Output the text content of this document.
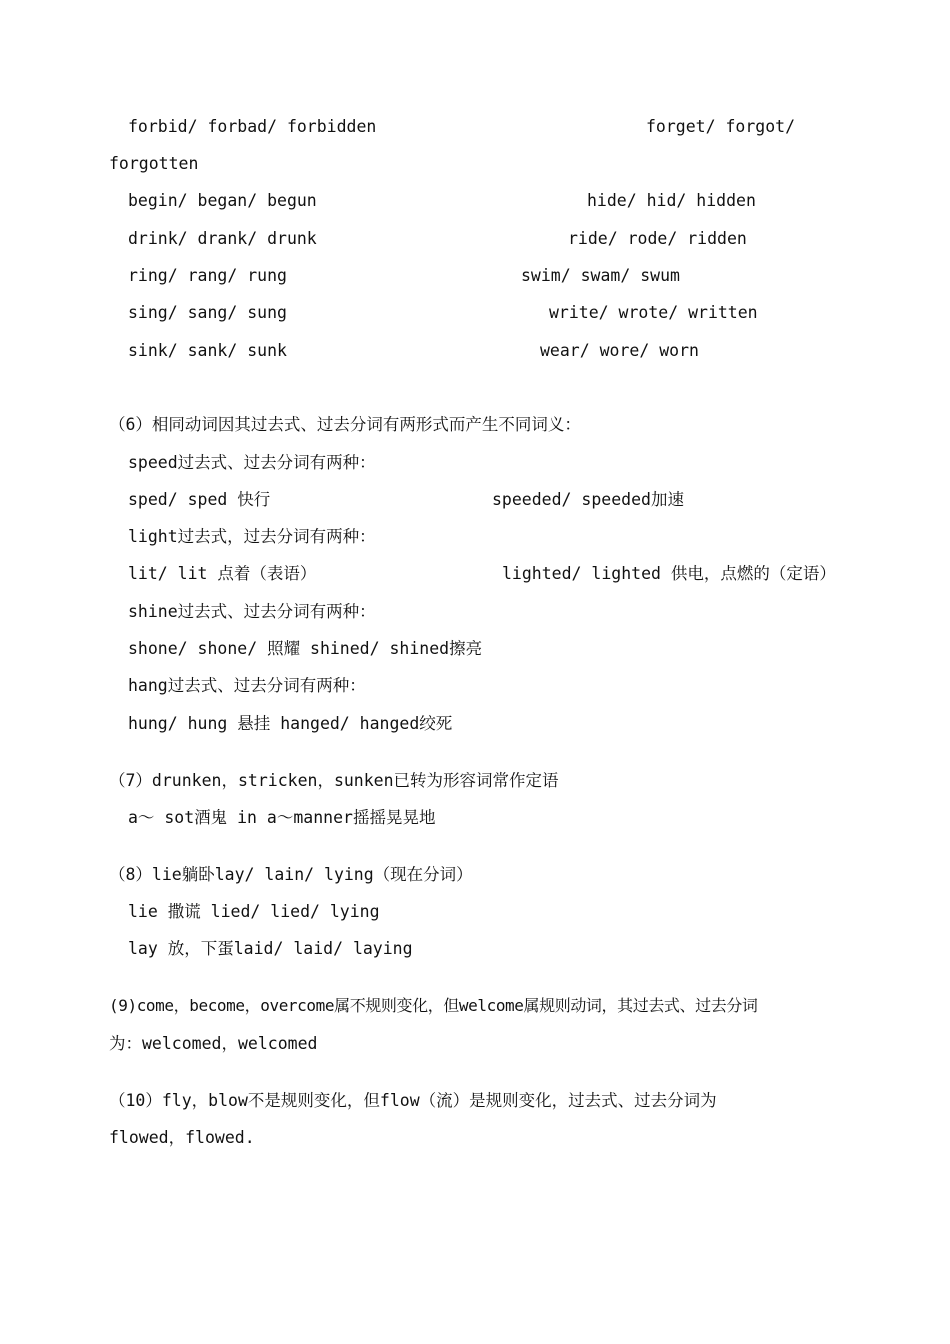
forbid/ forbad/ forbidden	forget/ forgot/
forgotten
begin/ began/ begun	hide/ hid/ hidden
drink/ drank/ drunk	ride/ rode/ ridden
ring/ rang/ rung	swim/ swam/ swum
sing/ sang/ sung	write/ wrote/ written
sink/ sank/ sunk	wear/ wore/ worn
（6）相同动词因其过去式、过去分词有两形式而产生不同词义：
speed过去式、过去分词有两种：
sped/ sped 快行	speeded/ speeded加速
light过去式，过去分词有两种：
lit/ lit 点着（表语）	lighted/ lighted 供电，点燃的（定语）
shine过去式、过去分词有两种：
shone/ shone/ 照耀 shined/ shined擦亮
hang过去式、过去分词有两种：
hung/ hung 悬挂 hanged/ hanged绞死
（7）drunken，stricken，sunken已转为形容词常作定语
a～ sot酒鬼 in a～manner摇摇晃晃地
（8）lie躺卧lay/ lain/ lying（现在分词）
lie 撒谎 lied/ lied/ lying
lay 放，下蛋laid/ laid/ laying
(9)come，become，overcome属不规则变化，但welcome属规则动词，其过去式、过去分词
为：welcomed，welcomed
（10）fly，blow不是规则变化，但flow（流）是规则变化，过去式、过去分词为
flowed，flowed.
